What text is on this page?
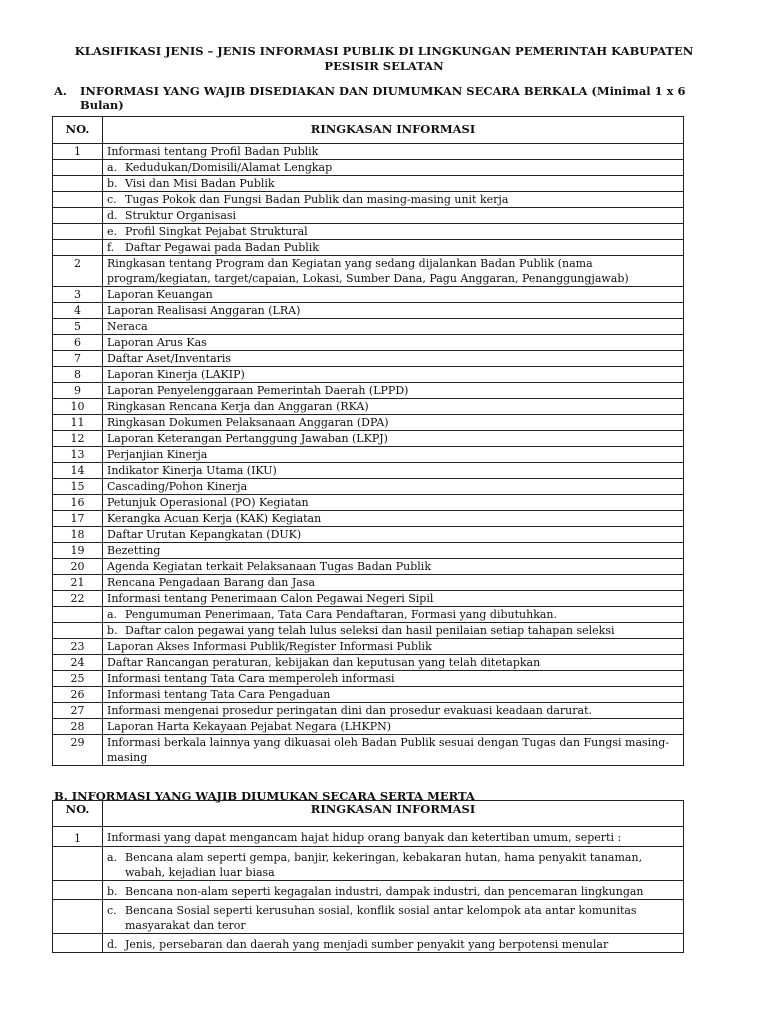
KLASIFIKASI JENIS – JENIS INFORMASI PUBLIK DI LINGKUNGAN PEMERINTAH KABUPATEN
PESISIR SELATAN
A. INFORMASI YANG WAJIB DISEDIAKAN DAN DIUMUMKAN SECARA BERKALA (Minimal 1 x 6 Bulan)
NO.	RINGKASAN INFORMASI
1	Informasi tentang Profil Badan Publik

	a. Kedudukan/Domisili/Alamat Lengkap

	b. Visi dan Misi Badan Publik

	c. Tugas Pokok dan Fungsi Badan Publik dan masing-masing unit kerja

	d. Struktur Organisasi

	e. Profil Singkat Pejabat Struktural

	f. Daftar Pegawai pada Badan Publik

2	Ringkasan tentang Program dan Kegiatan yang sedang dijalankan Badan Publik (nama program/kegiatan, target/capaian, Lokasi, Sumber Dana, Pagu Anggaran, Penanggungjawab)
3	Laporan Keuangan
4	Laporan Realisasi Anggaran (LRA)
5	Neraca
6	Laporan Arus Kas
7	Daftar Aset/Inventaris
8	Laporan Kinerja (LAKIP)
9	Laporan Penyelenggaraan Pemerintah Daerah (LPPD)
10	Ringkasan Rencana Kerja dan Anggaran (RKA)
11	Ringkasan Dokumen Pelaksanaan Anggaran (DPA)
12	Laporan Keterangan Pertanggung Jawaban (LKPJ)
13	Perjanjian Kinerja
14	Indikator Kinerja Utama (IKU)
15	Cascading/Pohon Kinerja
16	Petunjuk Operasional (PO) Kegiatan
17	Kerangka Acuan Kerja (KAK) Kegiatan
18	Daftar Urutan Kepangkatan (DUK)
19	Bezetting
20	Agenda Kegiatan terkait Pelaksanaan Tugas Badan Publik
21	Rencana Pengadaan Barang dan Jasa
22	Informasi tentang Penerimaan Calon Pegawai Negeri Sipil

	a. Pengumuman Penerimaan, Tata Cara Pendaftaran, Formasi yang dibutuhkan.

	b. Daftar calon pegawai yang telah lulus seleksi dan hasil penilaian setiap tahapan seleksi

23	Laporan Akses Informasi Publik/Register Informasi Publik
24	Daftar Rancangan peraturan, kebijakan dan keputusan yang telah ditetapkan
25	Informasi tentang Tata Cara memperoleh informasi
26	Informasi tentang Tata Cara Pengaduan
27	Informasi mengenai prosedur peringatan dini dan prosedur evakuasi keadaan darurat.
28	Laporan Harta Kekayaan Pejabat Negara (LHKPN)
29	Informasi berkala lainnya yang dikuasai oleh Badan Publik sesuai dengan Tugas dan Fungsi masing-masing
B. INFORMASI YANG WAJIB DIUMUKAN SECARA SERTA MERTA
NO.	RINGKASAN INFORMASI
1	Informasi yang dapat mengancam hajat hidup orang banyak dan ketertiban umum, seperti :

	a. Bencana alam seperti gempa, banjir, kekeringan, kebakaran hutan, hama penyakit tanaman, wabah, kejadian luar biasa

	b. Bencana non-alam seperti kegagalan industri, dampak industri, dan pencemaran lingkungan

	c. Bencana Sosial seperti kerusuhan sosial, konflik sosial antar kelompok ata antar komunitas masyarakat dan teror

	d. Jenis, persebaran dan daerah yang menjadi sumber penyakit yang berpotensi menular
